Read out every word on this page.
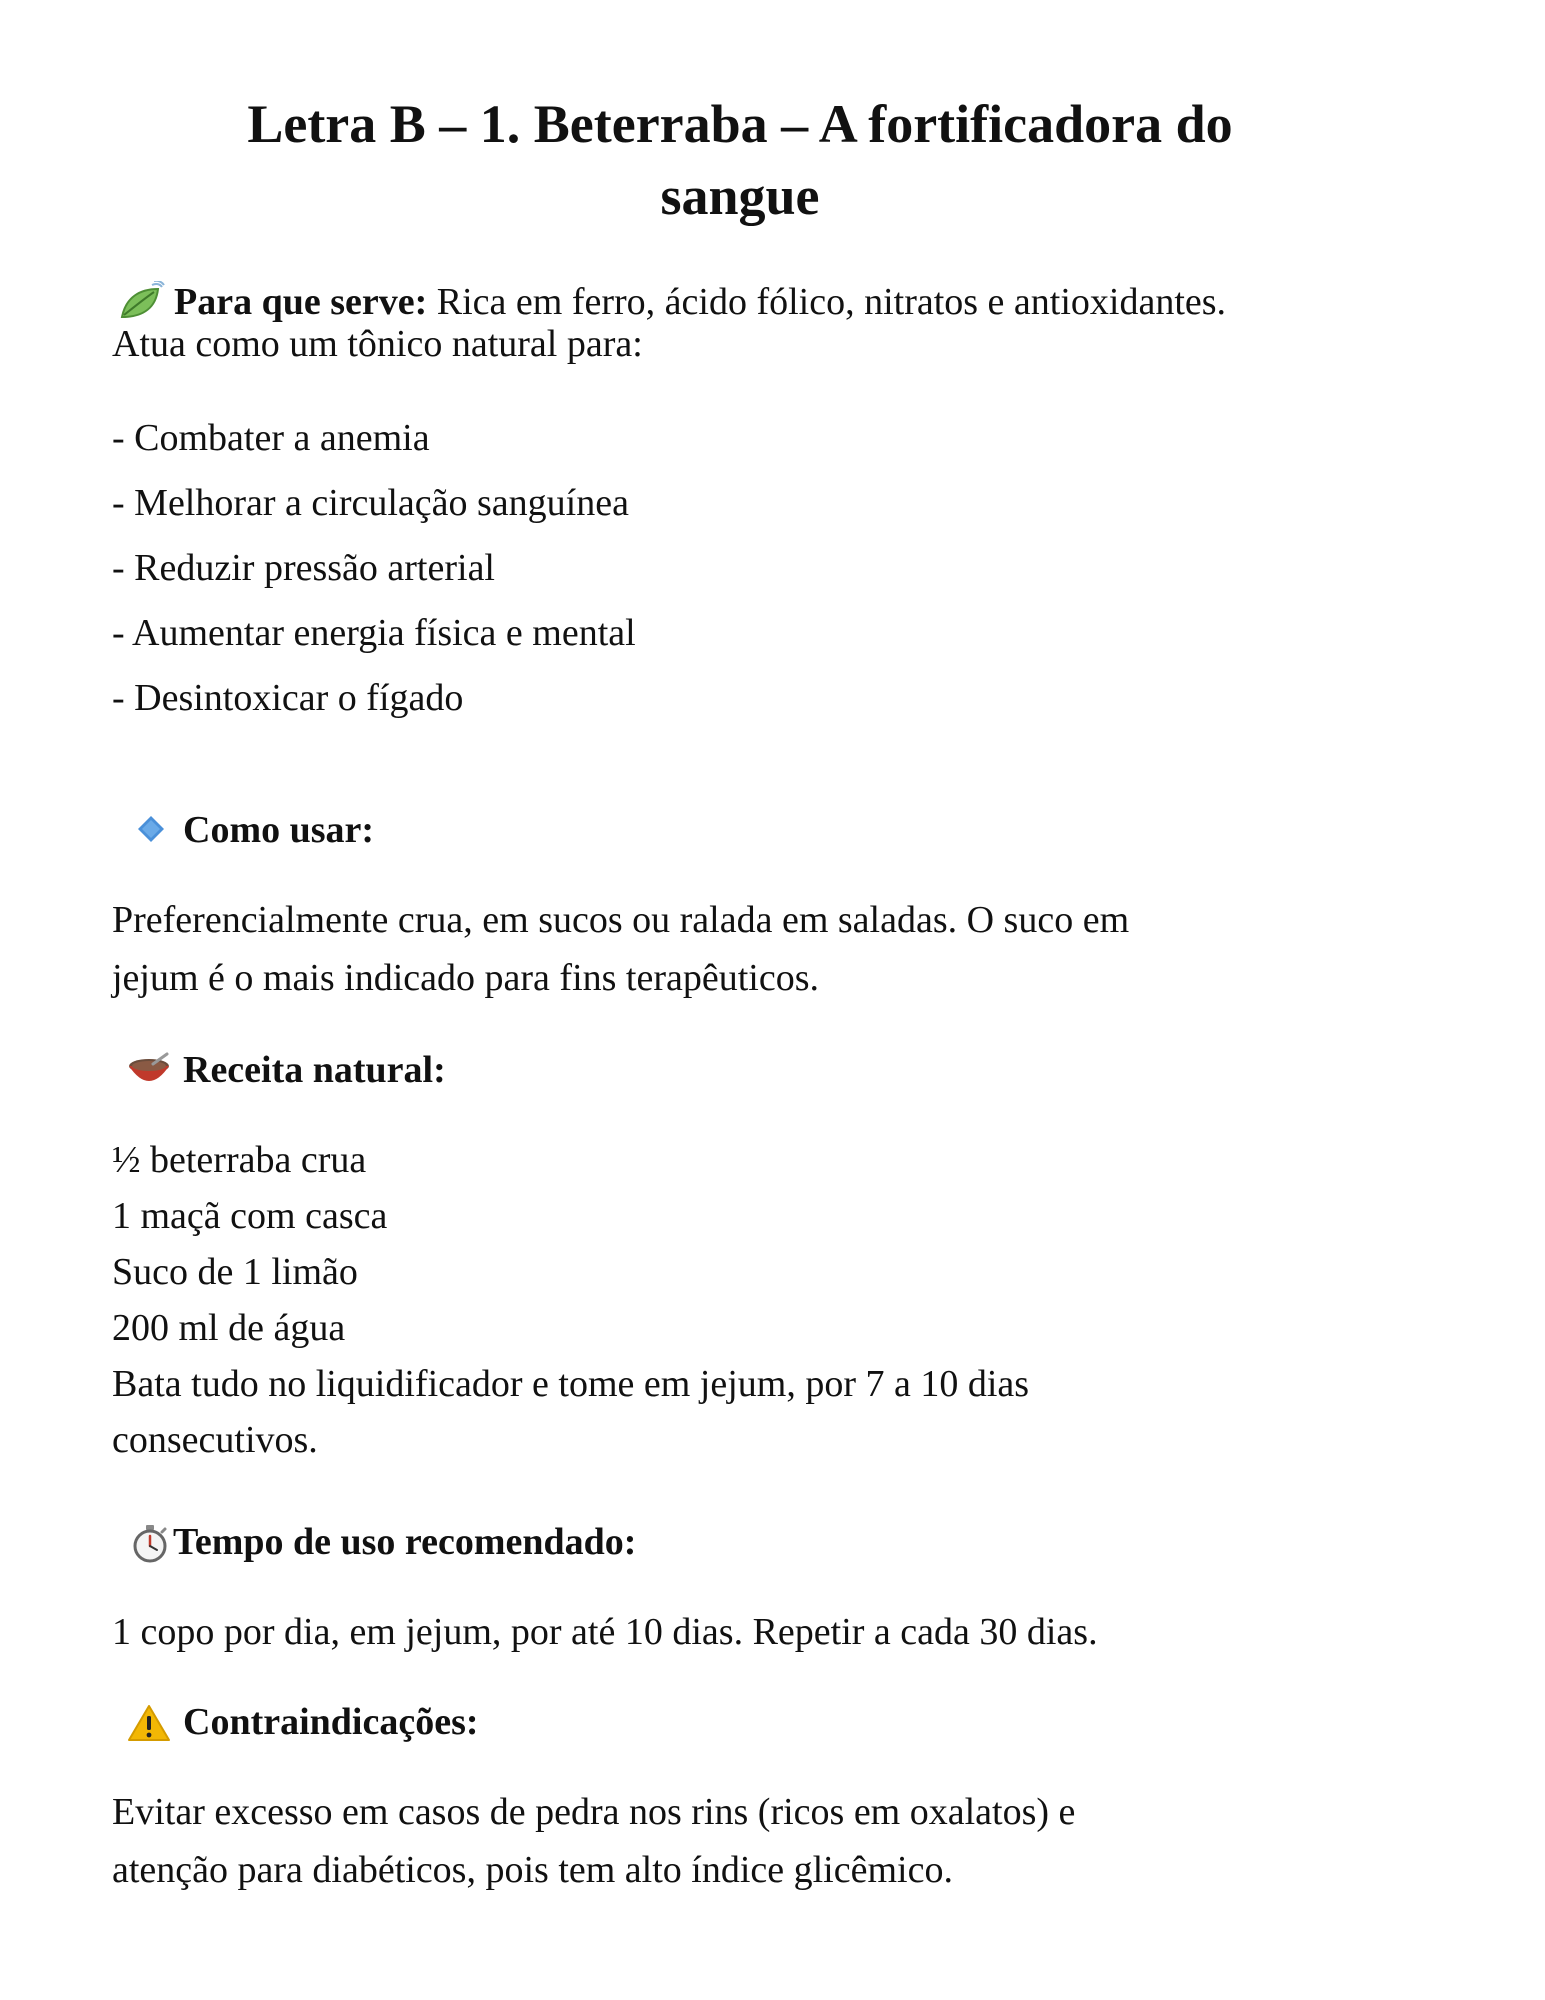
Letra B – 1. Beterraba – A fortificadora do
sangue
Para que serve: Rica em ferro, ácido fólico, nitratos e antioxidantes.
Atua como um tônico natural para:
- Combater a anemia
- Melhorar a circulação sanguínea
- Reduzir pressão arterial
- Aumentar energia física e mental
- Desintoxicar o fígado
Como usar:
Preferencialmente crua, em sucos ou ralada em saladas. O suco em
jejum é o mais indicado para fins terapêuticos.
Receita natural:
½ beterraba crua
1 maçã com casca
Suco de 1 limão
200 ml de água
Bata tudo no liquidificador e tome em jejum, por 7 a 10 dias
consecutivos.
Tempo de uso recomendado:
1 copo por dia, em jejum, por até 10 dias. Repetir a cada 30 dias.
Contraindicações:
Evitar excesso em casos de pedra nos rins (ricos em oxalatos) e
atenção para diabéticos, pois tem alto índice glicêmico.
